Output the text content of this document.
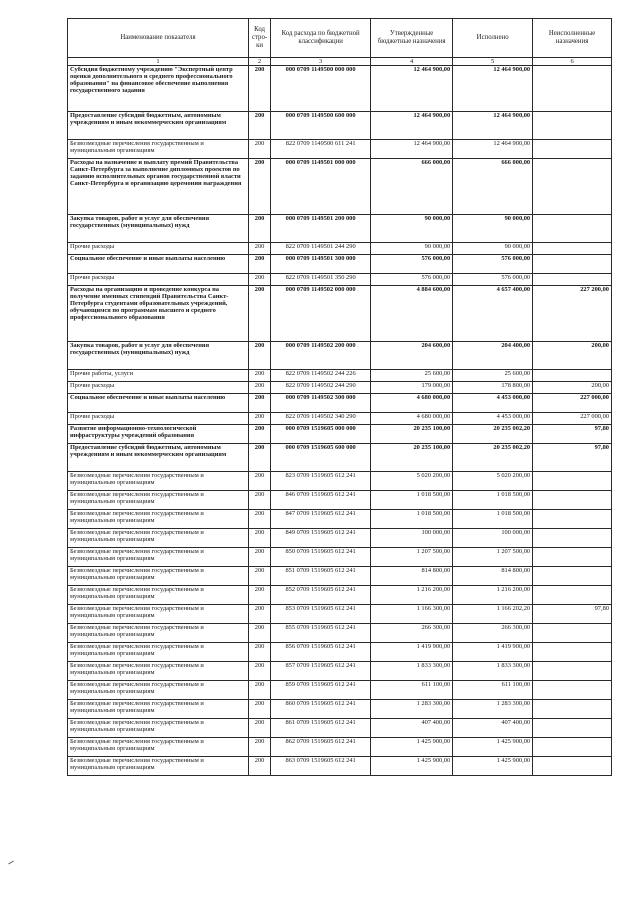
Наименование показателя	Код стро-ки	Код расхода по бюджетной классификации	Утвержденные бюджетные назначения	Исполнено	Неисполненные назначения
1	2	3	4	5	6
Субсидия бюджетному учреждению "Экспертный центр оценки дополнительного и среднего профессионального образования" на финансовое обеспечение выполнения государственного задания	200	000 0709 1149500 000 000	12 464 900,00	12 464 900,00	
Предоставление субсидий бюджетным, автономным учреждениям и иным некоммерческим организациям	200	000 0709 1149500 600 000	12 464 900,00	12 464 900,00	
Безвозмездные перечисления государственным и муниципальным организациям	200	822 0709 1149500 611 241	12 464 900,00	12 464 900,00	
Расходы на назначение и выплату премий Правительства Санкт-Петербурга за выполнение дипломных проектов по заданию исполнительных органов государственной власти Санкт-Петербурга и организацию церемонии награждения	200	000 0709 1149501 000 000	666 000,00	666 000,00	
Закупка товаров, работ и услуг для обеспечения государственных (муниципальных) нужд	200	000 0709 1149501 200 000	90 000,00	90 000,00	
Прочие расходы	200	822 0709 1149501 244 290	90 000,00	90 000,00	
Социальное обеспечение и иные выплаты населению	200	000 0709 1149501 300 000	576 000,00	576 000,00	
Прочие расходы	200	822 0709 1149501 350 290	576 000,00	576 000,00	
Расходы на организацию и проведение конкурса на получение именных стипендий Правительства Санкт-Петербурга студентами образовательных учреждений, обучающимся по программам высшего и среднего профессионального образования	200	000 0709 1149502 000 000	4 884 600,00	4 657 400,00	227 200,00
Закупка товаров, работ и услуг для обеспечения государственных (муниципальных) нужд	200	000 0709 1149502 200 000	204 600,00	204 400,00	200,00
Прочие работы, услуги	200	822 0709 1149502 244 226	25 600,00	25 600,00	
Прочие расходы	200	822 0709 1149502 244 290	179 000,00	178 800,00	200,00
Социальное обеспечение и иные выплаты населению	200	000 0709 1149502 300 000	4 680 000,00	4 453 000,00	227 000,00
Прочие расходы	200	822 0709 1149502 340 290	4 680 000,00	4 453 000,00	227 000,00
Развитие информационно-технологической инфраструктуры учреждений образования	200	000 0709 1519605 000 000	20 235 100,00	20 235 002,20	97,80
Предоставление субсидий бюджетным, автономным учреждениям и иным некоммерческим организациям	200	000 0709 1519605 600 000	20 235 100,00	20 235 002,20	97,80
Безвозмездные перечисления государственным и муниципальным организациям	200	823 0709 1519605 612 241	5 020 200,00	5 020 200,00	
Безвозмездные перечисления государственным и муниципальным организациям	200	846 0709 1519605 612 241	1 018 500,00	1 018 500,00	
Безвозмездные перечисления государственным и муниципальным организациям	200	847 0709 1519605 612 241	1 018 500,00	1 018 500,00	
Безвозмездные перечисления государственным и муниципальным организациям	200	849 0709 1519605 612 241	100 000,00	100 000,00	
Безвозмездные перечисления государственным и муниципальным организациям	200	850 0709 1519605 612 241	1 207 500,00	1 207 500,00	
Безвозмездные перечисления государственным и муниципальным организациям	200	851 0709 1519605 612 241	814 800,00	814 800,00	
Безвозмездные перечисления государственным и муниципальным организациям	200	852 0709 1519605 612 241	1 216 200,00	1 216 200,00	
Безвозмездные перечисления государственным и муниципальным организациям	200	853 0709 1519605 612 241	1 166 300,00	1 166 202,20	97,80
Безвозмездные перечисления государственным и муниципальным организациям	200	855 0709 1519605 612 241	266 300,00	266 300,00	
Безвозмездные перечисления государственным и муниципальным организациям	200	856 0709 1519605 612 241	1 419 900,00	1 419 900,00	
Безвозмездные перечисления государственным и муниципальным организациям	200	857 0709 1519605 612 241	1 833 300,00	1 833 300,00	
Безвозмездные перечисления государственным и муниципальным организациям	200	859 0709 1519605 612 241	611 100,00	611 100,00	
Безвозмездные перечисления государственным и муниципальным организациям	200	860 0709 1519605 612 241	1 283 300,00	1 283 300,00	
Безвозмездные перечисления государственным и муниципальным организациям	200	861 0709 1519605 612 241	407 400,00	407 400,00	
Безвозмездные перечисления государственным и муниципальным организациям	200	862 0709 1519605 612 241	1 425 900,00	1 425 900,00	
Безвозмездные перечисления государственным и муниципальным организациям	200	863 0709 1519605 612 241	1 425 900,00	1 425 900,00	
